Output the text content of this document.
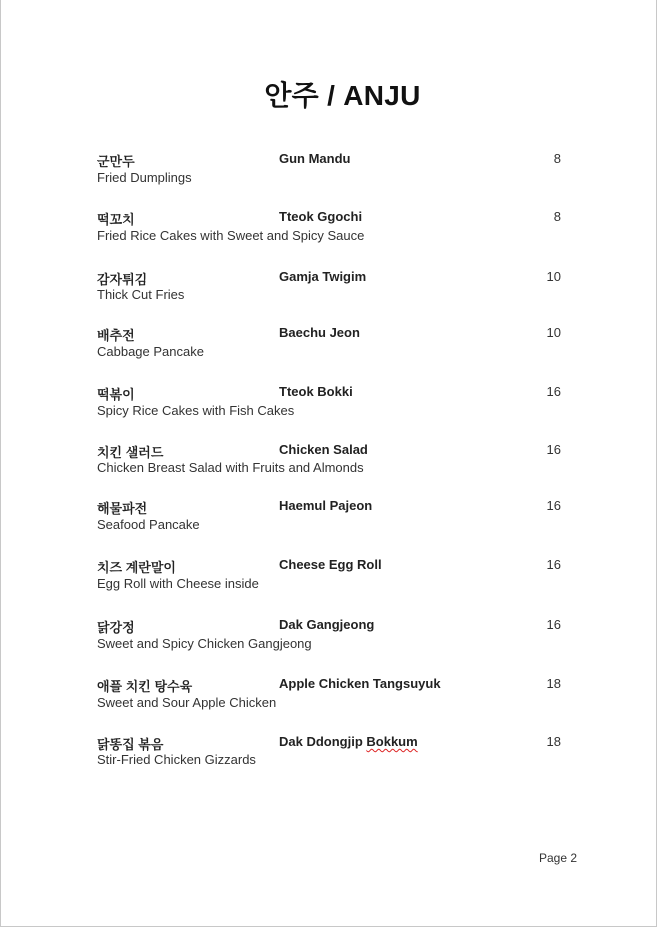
안주 / ANJU
군만두	Gun Mandu	8
Fried Dumplings
떡꼬치	Tteok Ggochi	8
Fried Rice Cakes with Sweet and Spicy Sauce
감자튀김	Gamja Twigim	10
Thick Cut Fries
배추전	Baechu Jeon	10
Cabbage Pancake
떡볶이	Tteok Bokki	16
Spicy Rice Cakes with Fish Cakes
치킨 샐러드	Chicken Salad	16
Chicken Breast Salad with Fruits and Almonds
해물파전	Haemul Pajeon	16
Seafood Pancake
치즈 계란말이	Cheese Egg Roll	16
Egg Roll with Cheese inside
닭강정	Dak Gangjeong	16
Sweet and Spicy Chicken Gangjeong
애플 치킨 탕수육	Apple Chicken Tangsuyuk	18
Sweet and Sour Apple Chicken
닭똥집 볶음	Dak Ddongjip Bokkum	18
Stir-Fried Chicken Gizzards
Page 2
